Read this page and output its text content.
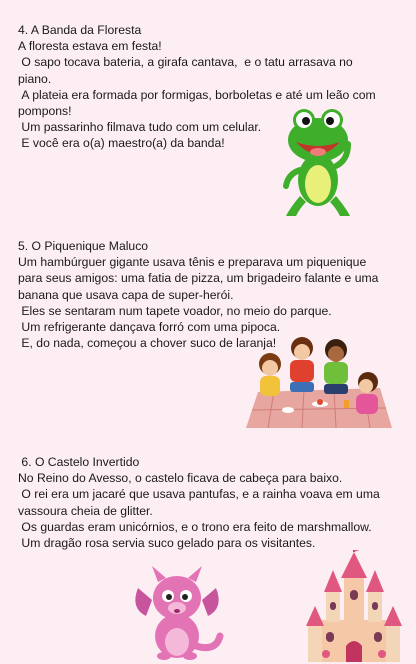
4. A Banda da Floresta

A floresta estava em festa!

O sapo tocava bateria, a girafa cantava,  e o tatu arrasava no

piano.

A plateia era formada por formigas, borboletas e até um leão com

pompons!

Um passarinho filmava tudo com um celular.

E você era o(a) maestro(a) da banda!

5. O Piquenique Maluco

Um hambúrguer gigante usava tênis e preparava um piquenique

para seus amigos: uma fatia de pizza, um brigadeiro falante e uma

banana que usava capa de super-herói.

Eles se sentaram num tapete voador, no meio do parque.

Um refrigerante dançava forró com uma pipoca.

E, do nada, começou a chover suco de laranja!

6. O Castelo Invertido

No Reino do Avesso, o castelo ficava de cabeça para baixo.

O rei era um jacaré que usava pantufas, e a rainha voava em uma

vassoura cheia de glitter.

Os guardas eram unicórnios, e o trono era feito de marshmallow.

Um dragão rosa servia suco gelado para os visitantes.
